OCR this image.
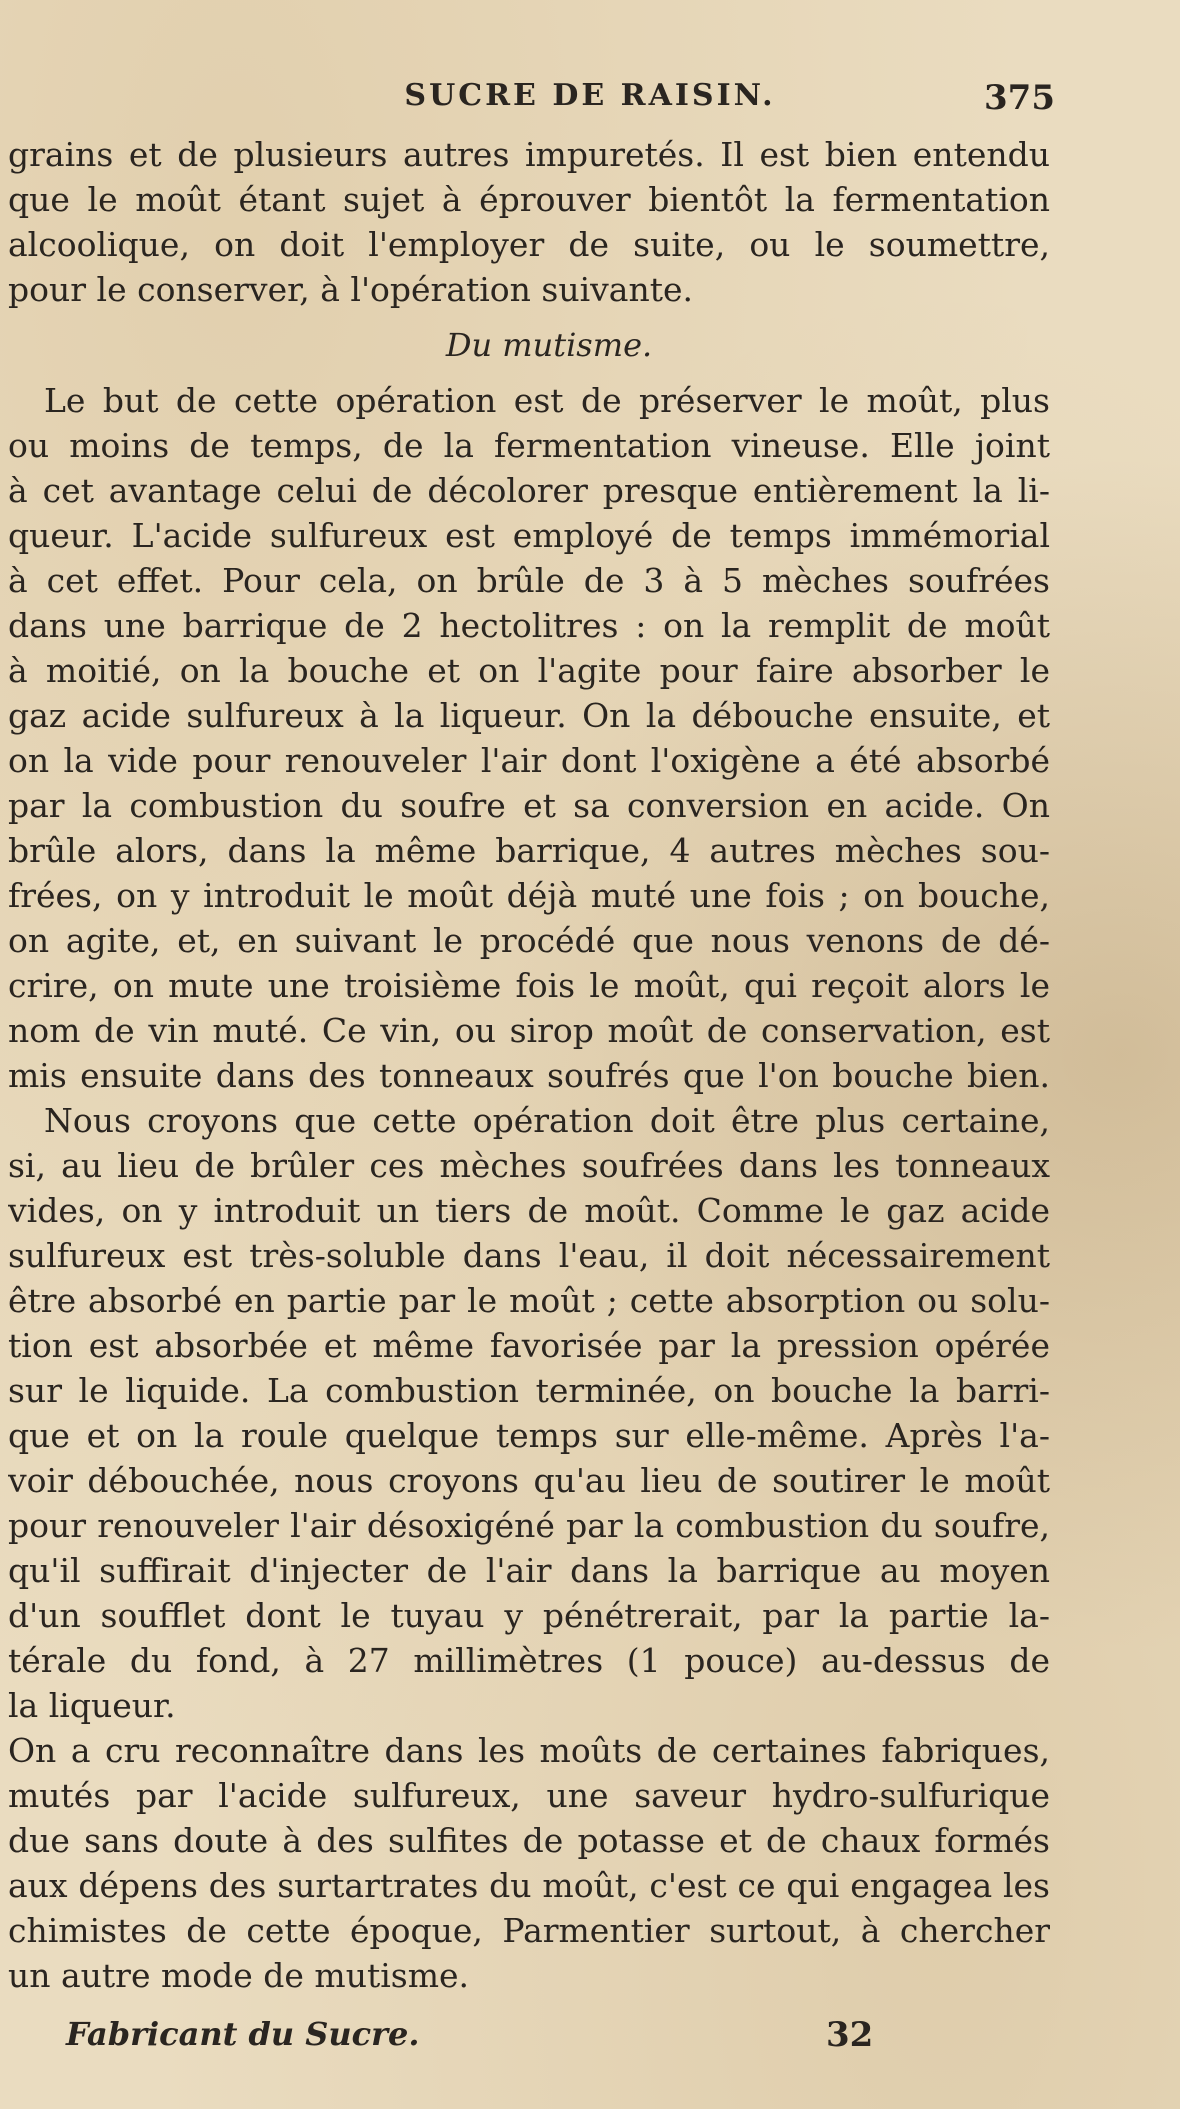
SUCRE DE RAISIN.	375
grains et de plusieurs autres impuretés. Il est bien entendu
que le moût étant sujet à éprouver bientôt la fermentation
alcoolique, on doit l'employer de suite, ou le soumettre,
pour le conserver, à l'opération suivante.
Du mutisme.
Le but de cette opération est de préserver le moût, plus
ou moins de temps, de la fermentation vineuse. Elle joint
à cet avantage celui de décolorer presque entièrement la li-
queur. L'acide sulfureux est employé de temps immémorial
à cet effet. Pour cela, on brûle de 3 à 5 mèches soufrées
dans une barrique de 2 hectolitres : on la remplit de moût
à moitié, on la bouche et on l'agite pour faire absorber le
gaz acide sulfureux à la liqueur. On la débouche ensuite, et
on la vide pour renouveler l'air dont l'oxigène a été absorbé
par la combustion du soufre et sa conversion en acide. On
brûle alors, dans la même barrique, 4 autres mèches sou-
frées, on y introduit le moût déjà muté une fois ; on bouche,
on agite, et, en suivant le procédé que nous venons de dé-
crire, on mute une troisième fois le moût, qui reçoit alors le
nom de vin muté. Ce vin, ou sirop moût de conservation, est
mis ensuite dans des tonneaux soufrés que l'on bouche bien.
Nous croyons que cette opération doit être plus certaine,
si, au lieu de brûler ces mèches soufrées dans les tonneaux
vides, on y introduit un tiers de moût. Comme le gaz acide
sulfureux est très-soluble dans l'eau, il doit nécessairement
être absorbé en partie par le moût ; cette absorption ou solu-
tion est absorbée et même favorisée par la pression opérée
sur le liquide. La combustion terminée, on bouche la barri-
que et on la roule quelque temps sur elle-même. Après l'a-
voir débouchée, nous croyons qu'au lieu de soutirer le moût
pour renouveler l'air désoxigéné par la combustion du soufre,
qu'il suffirait d'injecter de l'air dans la barrique au moyen
d'un soufflet dont le tuyau y pénétrerait, par la partie la-
térale du fond, à 27 millimètres (1 pouce) au-dessus de
la liqueur.
On a cru reconnaître dans les moûts de certaines fabriques,
mutés par l'acide sulfureux, une saveur hydro-sulfurique
due sans doute à des sulfites de potasse et de chaux formés
aux dépens des surtartrates du moût, c'est ce qui engagea les
chimistes de cette époque, Parmentier surtout, à chercher
un autre mode de mutisme.
Fabricant du Sucre.	32
